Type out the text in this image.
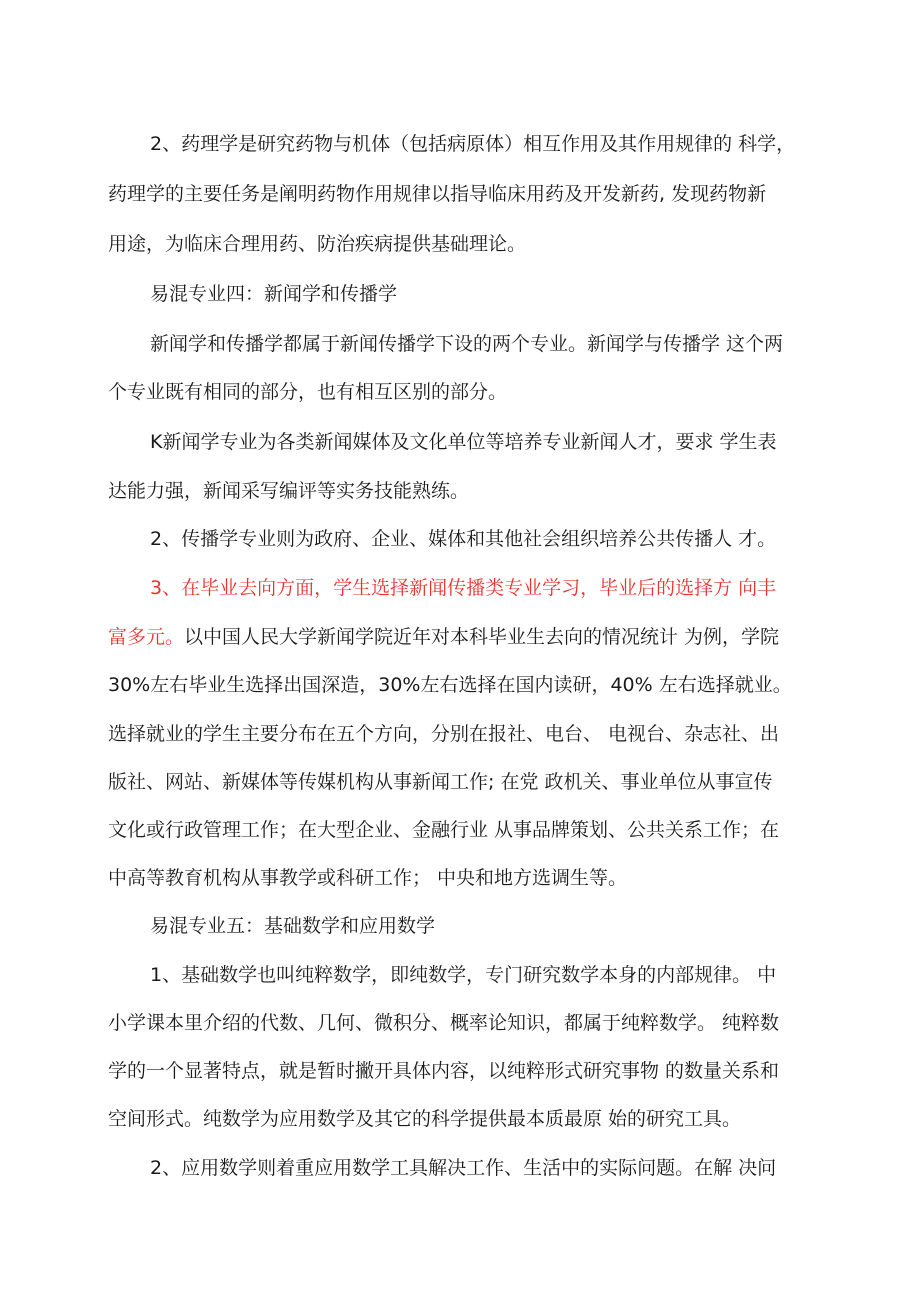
2、药理学是研究药物与机体（包括病原体）相互作用及其作用规律的 科学，
药理学的主要任务是阐明药物作用规律以指导临床用药及开发新药, 发现药物新
用途，为临床合理用药、防治疾病提供基础理论。
易混专业四：新闻学和传播学
新闻学和传播学都属于新闻传播学下设的两个专业。新闻学与传播学 这个两
个专业既有相同的部分，也有相互区别的部分。
K新闻学专业为各类新闻媒体及文化单位等培养专业新闻人才，要求 学生表
达能力强，新闻采写编评等实务技能熟练。
2、传播学专业则为政府、企业、媒体和其他社会组织培养公共传播人 才。
3、在毕业去向方面，学生选择新闻传播类专业学习，毕业后的选择方 向丰
富多元。以中国人民大学新闻学院近年对本科毕业生去向的情况统计 为例，学院
30%左右毕业生选择出国深造，30%左右选择在国内读研，40% 左右选择就业。
选择就业的学生主要分布在五个方向，分别在报社、电台、 电视台、杂志社、出
版社、网站、新媒体等传媒机构从事新闻工作; 在党 政机关、事业单位从事宣传
文化或行政管理工作；在大型企业、金融行业 从事品牌策划、公共关系工作；在
中高等教育机构从事教学或科研工作； 中央和地方选调生等。
易混专业五：基础数学和应用数学
1、基础数学也叫纯粹数学，即纯数学，专门研究数学本身的内部规律。 中
小学课本里介绍的代数、几何、微积分、概率论知识，都属于纯粹数学。 纯粹数
学的一个显著特点，就是暂时撇开具体内容，以纯粹形式研究事物 的数量关系和
空间形式。纯数学为应用数学及其它的科学提供最本质最原 始的研究工具。
2、应用数学则着重应用数学工具解决工作、生活中的实际问题。在解 决问
